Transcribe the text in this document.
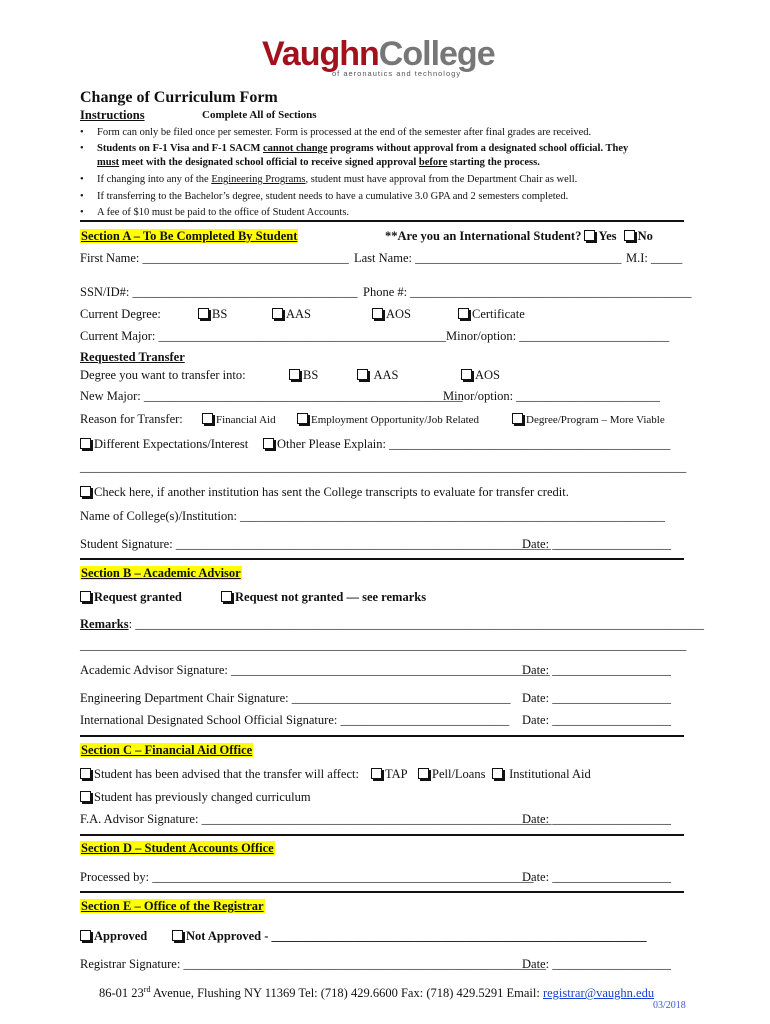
VaughnCollege
of aeronautics and technology
Change of Curriculum Form
Instructions	Complete All of Sections
• Form can only be filed once per semester. Form is processed at the end of the semester after final grades are received.
• Students on F-1 Visa and F-1 SACM cannot change programs without approval from a designated school official. They
must meet with the designated school official to receive signed approval before starting the process.
• If changing into any of the Engineering Programs, student must have approval from the Department Chair as well.
• If transferring to the Bachelor’s degree, student needs to have a cumulative 3.0 GPA and 2 semesters completed.
• A fee of $10 must be paid to the office of Student Accounts.
Section A – To Be Completed By Student	**Are you an International Student? Yes No
First Name: _________________________________ Last Name: _________________________________ M.I: _____
SSN/ID#: ____________________________________ Phone #: _____________________________________________
Current Degree:	BS	AAS	AOS	Certificate
Current Major: ______________________________________________ Minor/option: ________________________
Requested Transfer
Degree you want to transfer into:	BS	AAS	AOS
New Major: ___________________________________________________
Minor/option: _______________________
Reason for Transfer:	Financial Aid	Employment Opportunity/Job Related	Degree/Program – More Viable
Different Expectations/Interest	Other Please Explain: _____________________________________________
_________________________________________________________________________________________________
Check here, if another institution has sent the College transcripts to evaluate for transfer credit.
Name of College(s)/Institution: ____________________________________________________________________
Student Signature: ____________________________________________________________
Date: ___________________
Section B – Academic Advisor
Request granted	Request not granted — see remarks
Remarks: ___________________________________________________________________________________________
_________________________________________________________________________________________________
Academic Advisor Signature: ___________________________________________________
Date: ___________________
Engineering Department Chair Signature: ___________________________________ Date: ___________________
International Designated School Official Signature: ___________________________ Date: ___________________
Section C – Financial Aid Office
Student has been advised that the transfer will affect:	TAP	Pell/Loans	Institutional Aid
Student has previously changed curriculum
F.A. Advisor Signature: ________________________________________________________
Date: ___________________
Section D – Student Accounts Office
Processed by: _____________________________________________________________
Date: ___________________
Section E – Office of the Registrar
Approved	Not Approved - ____________________________________________________________
Registrar Signature: __________________________________________________________
Date: ___________________
86-01 23rd Avenue, Flushing NY 11369 Tel: (718) 429.6600 Fax: (718) 429.5291 Email: registrar@vaughn.edu
03/2018
